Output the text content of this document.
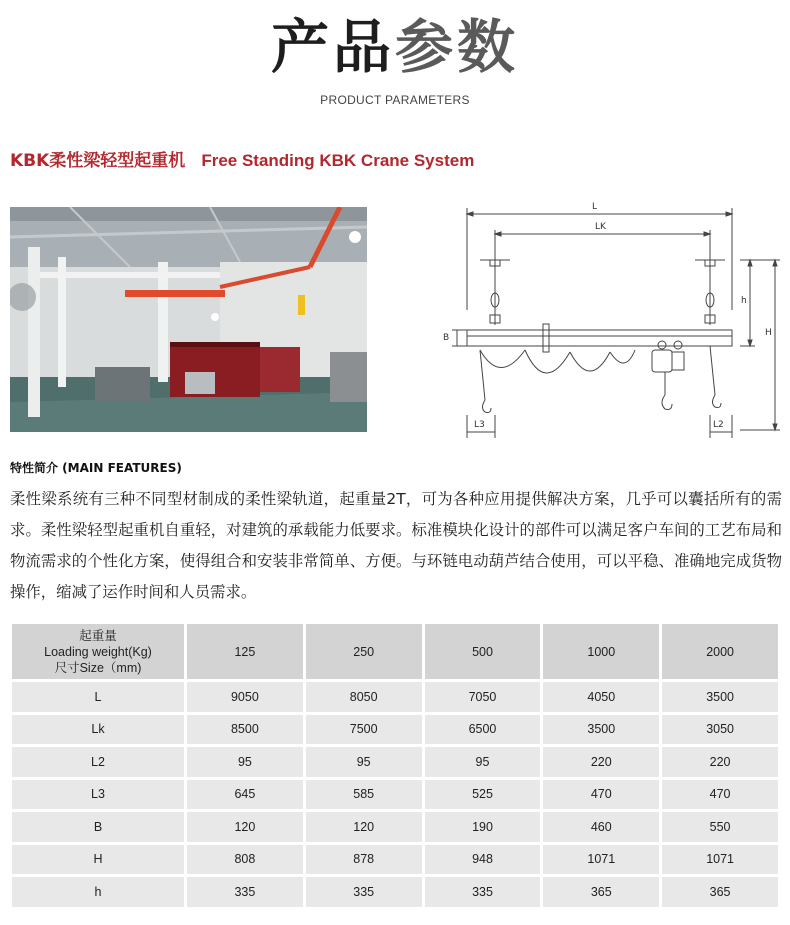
产品参数
PRODUCT PARAMETERS
KBK柔性梁轻型起重机 Free Standing KBK Crane System
L
LK
h
H
B
L3	L2
特性简介 (MAIN FEATURES)
柔性梁系统有三种不同型材制成的柔性梁轨道，起重量2T，可为各种应用提供解决方案，几乎可以囊括所有的需求。柔性梁轻型起重机自重轻，对建筑的承载能力低要求。标准模块化设计的部件可以满足客户车间的工艺布局和物流需求的个性化方案，使得组合和安装非常简单、方便。与环链电动葫芦结合使用，可以平稳、准确地完成货物操作，缩减了运作时间和人员需求。
起重量
Loading weight(Kg)
尺寸Size（mm)	125	250	500	1000	2000
L	9050	8050	7050	4050	3500
Lk	8500	7500	6500	3500	3050
L2	95	95	95	220	220
L3	645	585	525	470	470
B	120	120	190	460	550
H	808	878	948	1071	1071
h	335	335	335	365	365
